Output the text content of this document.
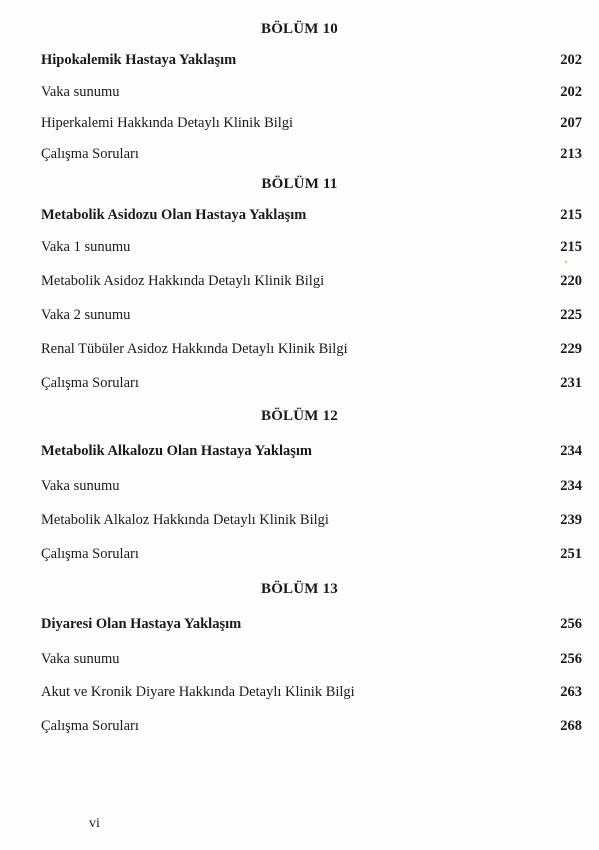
BÖLÜM 10
Hipokalemik Hastaya Yaklaşım	202
Vaka sunumu	202
Hiperkalemi Hakkında Detaylı Klinik Bilgi	207
Çalışma Soruları	213
BÖLÜM 11
Metabolik Asidozu Olan Hastaya Yaklaşım	215
Vaka 1 sunumu	215
Metabolik Asidoz Hakkında Detaylı Klinik Bilgi	220
Vaka 2 sunumu	225
Renal Tübüler Asidoz Hakkında Detaylı Klinik Bilgi	229
Çalışma Soruları	231
BÖLÜM 12
Metabolik Alkalozu Olan Hastaya Yaklaşım	234
Vaka sunumu	234
Metabolik Alkaloz Hakkında Detaylı Klinik Bilgi	239
Çalışma Soruları	251
BÖLÜM 13
Diyaresi Olan Hastaya Yaklaşım	256
Vaka sunumu	256
Akut ve Kronik Diyare Hakkında Detaylı Klinik Bilgi	263
Çalışma Soruları	268
vi
